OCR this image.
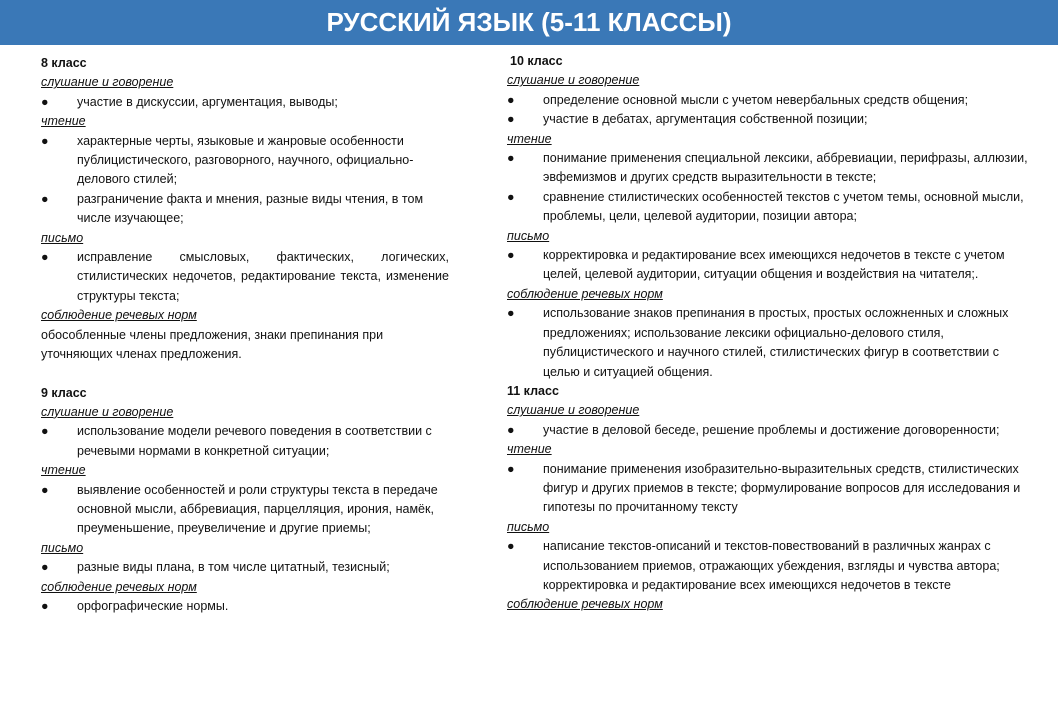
РУССКИЙ ЯЗЫК (5-11 КЛАССЫ)
8 класс
слушание и говорение
● участие в дискуссии, аргументация, выводы;
чтение
● характерные черты, языковые и жанровые особенности публицистического, разговорного, научного, официально-делового стилей;
● разграничение факта и мнения, разные виды чтения, в том числе изучающее;
письмо
● исправление смысловых, фактических, логических, стилистических недочетов, редактирование текста, изменение структуры текста;
соблюдение речевых норм
обособленные члены предложения, знаки препинания при уточняющих членах предложения.
9 класс
слушание и говорение
● использование модели речевого поведения в соответствии с речевыми нормами в конкретной ситуации;
чтение
● выявление особенностей и роли структуры текста в передаче основной мысли, аббревиация, парцелляция, ирония, намёк, преуменьшение, преувеличение и другие приемы;
письмо
● разные виды плана, в том числе цитатный, тезисный;
соблюдение речевых норм
● орфографические нормы.
10 класс
слушание и говорение
● определение основной мысли с учетом невербальных средств общения;
● участие в дебатах, аргументация собственной позиции;
чтение
● понимание применения специальной лексики, аббревиации, перифразы, аллюзии, эвфемизмов и других средств выразительности в тексте;
● сравнение стилистических особенностей текстов с учетом темы, основной мысли, проблемы, цели, целевой аудитории, позиции автора;
письмо
● корректировка и редактирование всех имеющихся недочетов в тексте с учетом целей, целевой аудитории, ситуации общения и воздействия на читателя;.
соблюдение речевых норм
● использование знаков препинания в простых, простых осложненных и сложных предложениях; использование лексики официально-делового стиля, публицистического и научного стилей, стилистических фигур в соответствии с целью и ситуацией общения.
11 класс
слушание и говорение
● участие в деловой беседе, решение проблемы и достижение договоренности;
чтение
● понимание применения изобразительно-выразительных средств, стилистических фигур и других приемов в тексте; формулирование вопросов для исследования и гипотезы по прочитанному тексту
письмо
● написание текстов-описаний и текстов-повествований в различных жанрах с использованием приемов, отражающих убеждения, взгляды и чувства автора; корректировка и редактирование всех имеющихся недочетов в тексте
соблюдение речевых норм
